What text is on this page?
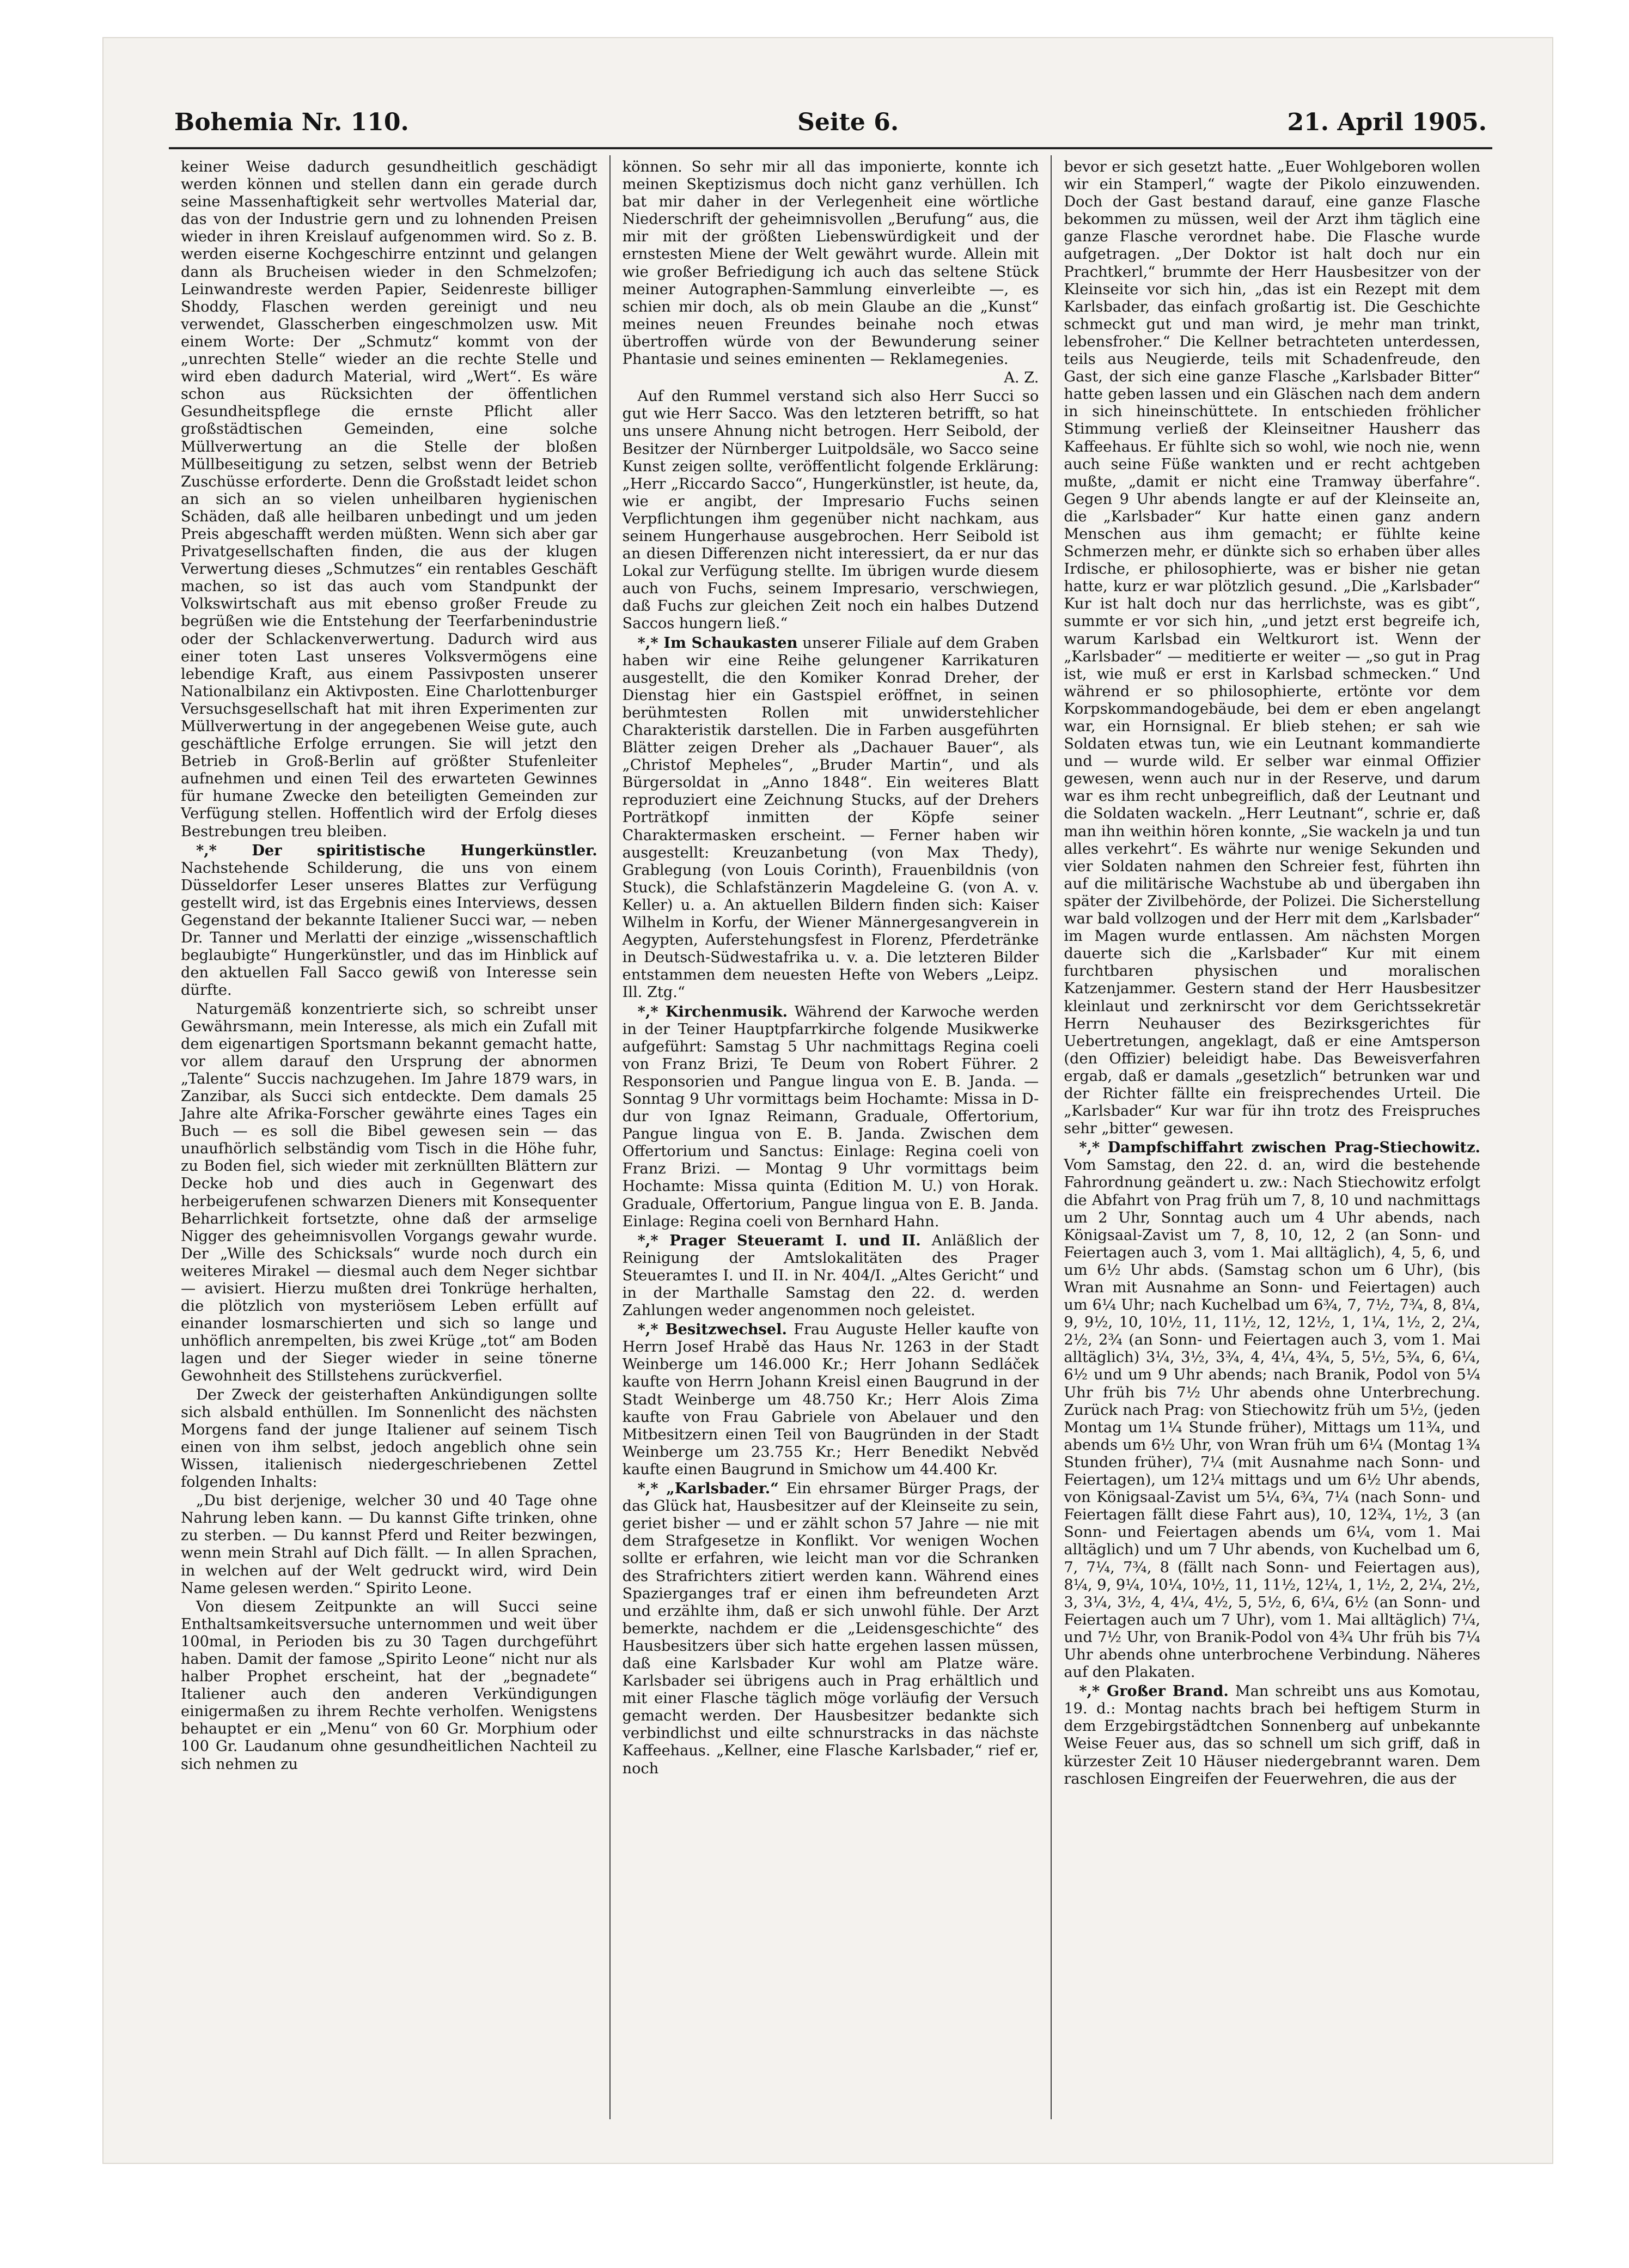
Bohemia Nr. 110.	Seite 6.	21. April 1905.

keiner Weise dadurch gesundheitlich geschädigt werden können und stellen dann ein gerade durch seine Massenhaftigkeit sehr wertvolles Material dar, das von der Industrie gern und zu lohnenden Preisen wieder in ihren Kreislauf aufgenommen wird. So z. B. werden eiserne Kochgeschirre entzinnt und gelangen dann als Brucheisen wieder in den Schmelzofen; Leinwandreste werden Papier, Seidenreste billiger Shoddy, Flaschen werden gereinigt und neu verwendet, Glasscherben eingeschmolzen usw. Mit einem Worte: Der „Schmutz“ kommt von der „unrechten Stelle“ wieder an die rechte Stelle und wird eben dadurch Material, wird „Wert“. Es wäre schon aus Rücksichten der öffentlichen Gesundheitspflege die ernste Pflicht aller großstädtischen Gemeinden, eine solche Müllverwertung an die Stelle der bloßen Müllbeseitigung zu setzen, selbst wenn der Betrieb Zuschüsse erforderte. Denn die Großstadt leidet schon an sich an so vielen unheilbaren hygienischen Schäden, daß alle heilbaren unbedingt und um jeden Preis abgeschafft werden müßten. Wenn sich aber gar Privatgesellschaften finden, die aus der klugen Verwertung dieses „Schmutzes“ ein rentables Geschäft machen, so ist das auch vom Standpunkt der Volkswirtschaft aus mit ebenso großer Freude zu begrüßen wie die Entstehung der Teerfarbenindustrie oder der Schlackenverwertung. Dadurch wird aus einer toten Last unseres Volksvermögens eine lebendige Kraft, aus einem Passivposten unserer Nationalbilanz ein Aktivposten. Eine Charlottenburger Versuchsgesellschaft hat mit ihren Experimenten zur Müllverwertung in der angegebenen Weise gute, auch geschäftliche Erfolge errungen. Sie will jetzt den Betrieb in Groß-Berlin auf größter Stufenleiter aufnehmen und einen Teil des erwarteten Gewinnes für humane Zwecke den beteiligten Gemeinden zur Verfügung stellen. Hoffentlich wird der Erfolg dieses Bestrebungen treu bleiben.

*,* Der spiritistische Hungerkünstler. Nachstehende Schilderung, die uns von einem Düsseldorfer Leser unseres Blattes zur Verfügung gestellt wird, ist das Ergebnis eines Interviews, dessen Gegenstand der bekannte Italiener Succi war, — neben Dr. Tanner und Merlatti der einzige „wissenschaftlich beglaubigte“ Hungerkünstler, und das im Hinblick auf den aktuellen Fall Sacco gewiß von Interesse sein dürfte.

Naturgemäß konzentrierte sich, so schreibt unser Gewährsmann, mein Interesse, als mich ein Zufall mit dem eigenartigen Sportsmann bekannt gemacht hatte, vor allem darauf den Ursprung der abnormen „Talente“ Succis nachzugehen. Im Jahre 1879 wars, in Zanzibar, als Succi sich entdeckte. Dem damals 25 Jahre alte Afrika-Forscher gewährte eines Tages ein Buch — es soll die Bibel gewesen sein — das unaufhörlich selbständig vom Tisch in die Höhe fuhr, zu Boden fiel, sich wieder mit zerknüllten Blättern zur Decke hob und dies auch in Gegenwart des herbeigerufenen schwarzen Dieners mit Konsequenter Beharrlichkeit fortsetzte, ohne daß der armselige Nigger des geheimnisvollen Vorgangs gewahr wurde. Der „Wille des Schicksals“ wurde noch durch ein weiteres Mirakel — diesmal auch dem Neger sichtbar — avisiert. Hierzu mußten drei Tonkrüge herhalten, die plötzlich von mysteriösem Leben erfüllt auf einander losmarschierten und sich so lange und unhöflich anrempelten, bis zwei Krüge „tot“ am Boden lagen und der Sieger wieder in seine tönerne Gewohnheit des Stillstehens zurückverfiel.

Der Zweck der geisterhaften Ankündigungen sollte sich alsbald enthüllen. Im Sonnenlicht des nächsten Morgens fand der junge Italiener auf seinem Tisch einen von ihm selbst, jedoch angeblich ohne sein Wissen, italienisch niedergeschriebenen Zettel folgenden Inhalts:

„Du bist derjenige, welcher 30 und 40 Tage ohne Nahrung leben kann. — Du kannst Gifte trinken, ohne zu sterben. — Du kannst Pferd und Reiter bezwingen, wenn mein Strahl auf Dich fällt. — In allen Sprachen, in welchen auf der Welt gedruckt wird, wird Dein Name gelesen werden.“ Spirito Leone.

Von diesem Zeitpunkte an will Succi seine Enthaltsamkeitsversuche unternommen und weit über 100mal, in Perioden bis zu 30 Tagen durchgeführt haben. Damit der famose „Spirito Leone“ nicht nur als halber Prophet erscheint, hat der „begnadete“ Italiener auch den anderen Verkündigungen einigermaßen zu ihrem Rechte verholfen. Wenigstens behauptet er ein „Menu“ von 60 Gr. Morphium oder 100 Gr. Laudanum ohne gesundheitlichen Nachteil zu sich nehmen zu

können. So sehr mir all das imponierte, konnte ich meinen Skeptizismus doch nicht ganz verhüllen. Ich bat mir daher in der Verlegenheit eine wörtliche Niederschrift der geheimnisvollen „Berufung“ aus, die mir mit der größten Liebenswürdigkeit und der ernstesten Miene der Welt gewährt wurde. Allein mit wie großer Befriedigung ich auch das seltene Stück meiner Autographen-Sammlung einverleibte —, es schien mir doch, als ob mein Glaube an die „Kunst“ meines neuen Freundes beinahe noch etwas übertroffen würde von der Bewunderung seiner Phantasie und seines eminenten — Reklamegenies.

A. Z.

Auf den Rummel verstand sich also Herr Succi so gut wie Herr Sacco. Was den letzteren betrifft, so hat uns unsere Ahnung nicht betrogen. Herr Seibold, der Besitzer der Nürnberger Luitpoldsäle, wo Sacco seine Kunst zeigen sollte, veröffentlicht folgende Erklärung: „Herr „Riccardo Sacco“, Hungerkünstler, ist heute, da, wie er angibt, der Impresario Fuchs seinen Verpflichtungen ihm gegenüber nicht nachkam, aus seinem Hungerhause ausgebrochen. Herr Seibold ist an diesen Differenzen nicht interessiert, da er nur das Lokal zur Verfügung stellte. Im übrigen wurde diesem auch von Fuchs, seinem Impresario, verschwiegen, daß Fuchs zur gleichen Zeit noch ein halbes Dutzend Saccos hungern ließ.“

*,* Im Schaukasten unserer Filiale auf dem Graben haben wir eine Reihe gelungener Karrikaturen ausgestellt, die den Komiker Konrad Dreher, der Dienstag hier ein Gastspiel eröffnet, in seinen berühmtesten Rollen mit unwiderstehlicher Charakteristik darstellen. Die in Farben ausgeführten Blätter zeigen Dreher als „Dachauer Bauer“, als „Christof Mepheles“, „Bruder Martin“, und als Bürgersoldat in „Anno 1848“. Ein weiteres Blatt reproduziert eine Zeichnung Stucks, auf der Drehers Porträtkopf inmitten der Köpfe seiner Charaktermasken erscheint. — Ferner haben wir ausgestellt: Kreuzanbetung (von Max Thedy), Grablegung (von Louis Corinth), Frauenbildnis (von Stuck), die Schlafstänzerin Magdeleine G. (von A. v. Keller) u. a. An aktuellen Bildern finden sich: Kaiser Wilhelm in Korfu, der Wiener Männergesangverein in Aegypten, Auferstehungsfest in Florenz, Pferdetränke in Deutsch-Südwestafrika u. v. a. Die letzteren Bilder entstammen dem neuesten Hefte von Webers „Leipz. Ill. Ztg.“

*,* Kirchenmusik. Während der Karwoche werden in der Teiner Hauptpfarrkirche folgende Musikwerke aufgeführt: Samstag 5 Uhr nachmittags Regina coeli von Franz Brizi, Te Deum von Robert Führer. 2 Responsorien und Pangue lingua von E. B. Janda. — Sonntag 9 Uhr vormittags beim Hochamte: Missa in D-dur von Ignaz Reimann, Graduale, Offertorium, Pangue lingua von E. B. Janda. Zwischen dem Offertorium und Sanctus: Einlage: Regina coeli von Franz Brizi. — Montag 9 Uhr vormittags beim Hochamte: Missa quinta (Edition M. U.) von Horak. Graduale, Offertorium, Pangue lingua von E. B. Janda. Einlage: Regina coeli von Bernhard Hahn.

*,* Prager Steueramt I. und II. Anläßlich der Reinigung der Amtslokalitäten des Prager Steueramtes I. und II. in Nr. 404/I. „Altes Gericht“ und in der Marthalle Samstag den 22. d. werden Zahlungen weder angenommen noch geleistet.

*,* Besitzwechsel. Frau Auguste Heller kaufte von Herrn Josef Hrabě das Haus Nr. 1263 in der Stadt Weinberge um 146.000 Kr.; Herr Johann Sedláček kaufte von Herrn Johann Kreisl einen Baugrund in der Stadt Weinberge um 48.750 Kr.; Herr Alois Zima kaufte von Frau Gabriele von Abelauer und den Mitbesitzern einen Teil von Baugründen in der Stadt Weinberge um 23.755 Kr.; Herr Benedikt Nebvěd kaufte einen Baugrund in Smichow um 44.400 Kr.

*,* „Karlsbader.“ Ein ehrsamer Bürger Prags, der das Glück hat, Hausbesitzer auf der Kleinseite zu sein, geriet bisher — und er zählt schon 57 Jahre — nie mit dem Strafgesetze in Konflikt. Vor wenigen Wochen sollte er erfahren, wie leicht man vor die Schranken des Strafrichters zitiert werden kann. Während eines Spazierganges traf er einen ihm befreundeten Arzt und erzählte ihm, daß er sich unwohl fühle. Der Arzt bemerkte, nachdem er die „Leidensgeschichte“ des Hausbesitzers über sich hatte ergehen lassen müssen, daß eine Karlsbader Kur wohl am Platze wäre. Karlsbader sei übrigens auch in Prag erhältlich und mit einer Flasche täglich möge vorläufig der Versuch gemacht werden. Der Hausbesitzer bedankte sich verbindlichst und eilte schnurstracks in das nächste Kaffeehaus. „Kellner, eine Flasche Karlsbader,“ rief er, noch

bevor er sich gesetzt hatte. „Euer Wohlgeboren wollen wir ein Stamperl,“ wagte der Pikolo einzuwenden. Doch der Gast bestand darauf, eine ganze Flasche bekommen zu müssen, weil der Arzt ihm täglich eine ganze Flasche verordnet habe. Die Flasche wurde aufgetragen. „Der Doktor ist halt doch nur ein Prachtkerl,“ brummte der Herr Hausbesitzer von der Kleinseite vor sich hin, „das ist ein Rezept mit dem Karlsbader, das einfach großartig ist. Die Geschichte schmeckt gut und man wird, je mehr man trinkt, lebensfroher.“ Die Kellner betrachteten unterdessen, teils aus Neugierde, teils mit Schadenfreude, den Gast, der sich eine ganze Flasche „Karlsbader Bitter“ hatte geben lassen und ein Gläschen nach dem andern in sich hineinschüttete. In entschieden fröhlicher Stimmung verließ der Kleinseitner Hausherr das Kaffeehaus. Er fühlte sich so wohl, wie noch nie, wenn auch seine Füße wankten und er recht achtgeben mußte, „damit er nicht eine Tramway überfahre“. Gegen 9 Uhr abends langte er auf der Kleinseite an, die „Karlsbader“ Kur hatte einen ganz andern Menschen aus ihm gemacht; er fühlte keine Schmerzen mehr, er dünkte sich so erhaben über alles Irdische, er philosophierte, was er bisher nie getan hatte, kurz er war plötzlich gesund. „Die „Karlsbader“ Kur ist halt doch nur das herrlichste, was es gibt“, summte er vor sich hin, „und jetzt erst begreife ich, warum Karlsbad ein Weltkurort ist. Wenn der „Karlsbader“ — meditierte er weiter — „so gut in Prag ist, wie muß er erst in Karlsbad schmecken.“ Und während er so philosophierte, ertönte vor dem Korpskommandogebäude, bei dem er eben angelangt war, ein Hornsignal. Er blieb stehen; er sah wie Soldaten etwas tun, wie ein Leutnant kommandierte und — wurde wild. Er selber war einmal Offizier gewesen, wenn auch nur in der Reserve, und darum war es ihm recht unbegreiflich, daß der Leutnant und die Soldaten wackeln. „Herr Leutnant“, schrie er, daß man ihn weithin hören konnte, „Sie wackeln ja und tun alles verkehrt“. Es währte nur wenige Sekunden und vier Soldaten nahmen den Schreier fest, führten ihn auf die militärische Wachstube ab und übergaben ihn später der Zivilbehörde, der Polizei. Die Sicherstellung war bald vollzogen und der Herr mit dem „Karlsbader“ im Magen wurde entlassen. Am nächsten Morgen dauerte sich die „Karlsbader“ Kur mit einem furchtbaren physischen und moralischen Katzenjammer. Gestern stand der Herr Hausbesitzer kleinlaut und zerknirscht vor dem Gerichtssekretär Herrn Neuhauser des Bezirksgerichtes für Uebertretungen, angeklagt, daß er eine Amtsperson (den Offizier) beleidigt habe. Das Beweisverfahren ergab, daß er damals „gesetzlich“ betrunken war und der Richter fällte ein freisprechendes Urteil. Die „Karlsbader“ Kur war für ihn trotz des Freispruches sehr „bitter“ gewesen.

*,* Dampfschiffahrt zwischen Prag-Stiechowitz. Vom Samstag, den 22. d. an, wird die bestehende Fahrordnung geändert u. zw.: Nach Stiechowitz erfolgt die Abfahrt von Prag früh um 7, 8, 10 und nachmittags um 2 Uhr, Sonntag auch um 4 Uhr abends, nach Königsaal-Zavist um 7, 8, 10, 12, 2 (an Sonn- und Feiertagen auch 3, vom 1. Mai alltäglich), 4, 5, 6, und um 6½ Uhr abds. (Samstag schon um 6 Uhr), (bis Wran mit Ausnahme an Sonn- und Feiertagen) auch um 6¼ Uhr; nach Kuchelbad um 6¾, 7, 7½, 7¾, 8, 8¼, 9, 9½, 10, 10½, 11, 11½, 12, 12½, 1, 1¼, 1½, 2, 2¼, 2½, 2¾ (an Sonn- und Feiertagen auch 3, vom 1. Mai alltäglich) 3¼, 3½, 3¾, 4, 4¼, 4¾, 5, 5½, 5¾, 6, 6¼, 6½ und um 9 Uhr abends; nach Branik, Podol von 5¼ Uhr früh bis 7½ Uhr abends ohne Unterbrechung. Zurück nach Prag: von Stiechowitz früh um 5½, (jeden Montag um 1¼ Stunde früher), Mittags um 11¾, und abends um 6½ Uhr, von Wran früh um 6¼ (Montag 1¾ Stunden früher), 7¼ (mit Ausnahme nach Sonn- und Feiertagen), um 12¼ mittags und um 6½ Uhr abends, von Königsaal-Zavist um 5¼, 6¾, 7¼ (nach Sonn- und Feiertagen fällt diese Fahrt aus), 10, 12¾, 1½, 3 (an Sonn- und Feiertagen abends um 6¼, vom 1. Mai alltäglich) und um 7 Uhr abends, von Kuchelbad um 6, 7, 7¼, 7¾, 8 (fällt nach Sonn- und Feiertagen aus), 8¼, 9, 9¼, 10¼, 10½, 11, 11½, 12¼, 1, 1½, 2, 2¼, 2½, 3, 3¼, 3½, 4, 4¼, 4½, 5, 5½, 6, 6¼, 6½ (an Sonn- und Feiertagen auch um 7 Uhr), vom 1. Mai alltäglich) 7¼, und 7½ Uhr, von Branik-Podol von 4¾ Uhr früh bis 7¼ Uhr abends ohne unterbrochene Verbindung. Näheres auf den Plakaten.

*,* Großer Brand. Man schreibt uns aus Komotau, 19. d.: Montag nachts brach bei heftigem Sturm in dem Erzgebirgstädtchen Sonnenberg auf unbekannte Weise Feuer aus, das so schnell um sich griff, daß in kürzester Zeit 10 Häuser niedergebrannt waren. Dem raschlosen Eingreifen der Feuerwehren, die aus der
